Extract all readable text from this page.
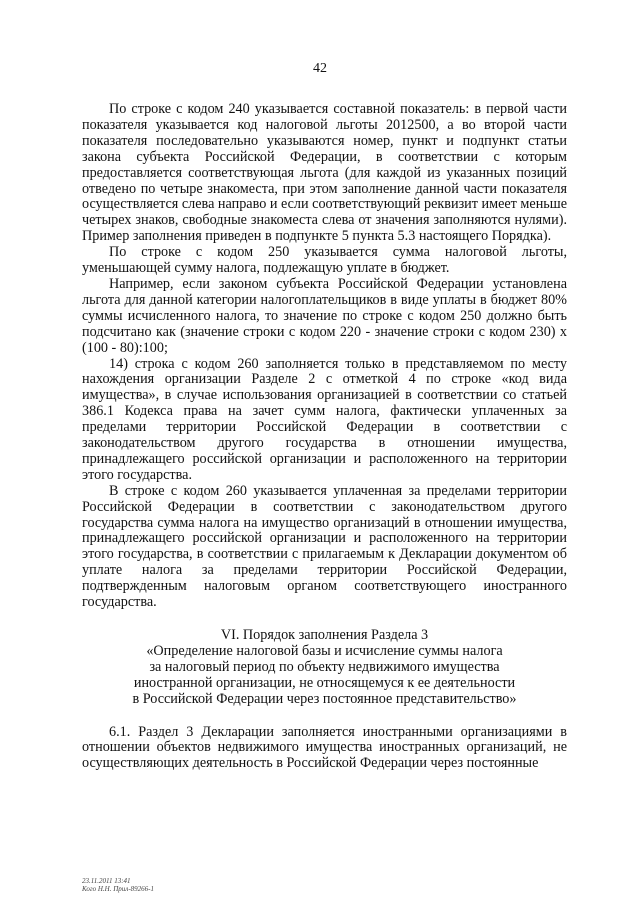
42

По строке с кодом 240 указывается составной показатель: в первой части показателя указывается код налоговой льготы 2012500, а во второй части показателя последовательно указываются номер, пункт и подпункт статьи закона субъекта Российской Федерации, в соответствии с которым предоставляется соответствующая льгота (для каждой из указанных позиций отведено по четыре знакоместа, при этом заполнение данной части показателя осуществляется слева направо и если соответствующий реквизит имеет меньше четырех знаков, свободные знакоместа слева от значения заполняются нулями). Пример заполнения приведен в подпункте 5 пункта 5.3 настоящего Порядка).

По строке с кодом 250 указывается сумма налоговой льготы, уменьшающей сумму налога, подлежащую уплате в бюджет.

Например, если законом субъекта Российской Федерации установлена льгота для данной категории налогоплательщиков в виде уплаты в бюджет 80% суммы исчисленного налога, то значение по строке с кодом 250 должно быть подсчитано как (значение строки с кодом 220 - значение строки с кодом 230) x (100 - 80):100;

14) строка с кодом 260 заполняется только в представляемом по месту нахождения организации Разделе 2 с отметкой 4 по строке «код вида имущества», в случае использования организацией в соответствии со статьей 386.1 Кодекса права на зачет сумм налога, фактически уплаченных за пределами территории Российской Федерации в соответствии с законодательством другого государства в отношении имущества, принадлежащего российской организации и расположенного на территории этого государства.

В строке с кодом 260 указывается уплаченная за пределами территории Российской Федерации в соответствии с законодательством другого государства сумма налога на имущество организаций в отношении имущества, принадлежащего российской организации и расположенного на территории этого государства, в соответствии с прилагаемым к Декларации документом об уплате налога за пределами территории Российской Федерации, подтвержденным налоговым органом соответствующего иностранного государства.

VI. Порядок заполнения Раздела 3
«Определение налоговой базы и исчисление суммы налога
за налоговый период по объекту недвижимого имущества
иностранной организации, не относящемуся к ее деятельности
в Российской Федерации через постоянное представительство»

6.1. Раздел 3 Декларации заполняется иностранными организациями в отношении объектов недвижимого имущества иностранных организаций, не осуществляющих деятельность в Российской Федерации через постоянные

23.11.2011 13:41
Кого Н.Н. Прил-89266-1
